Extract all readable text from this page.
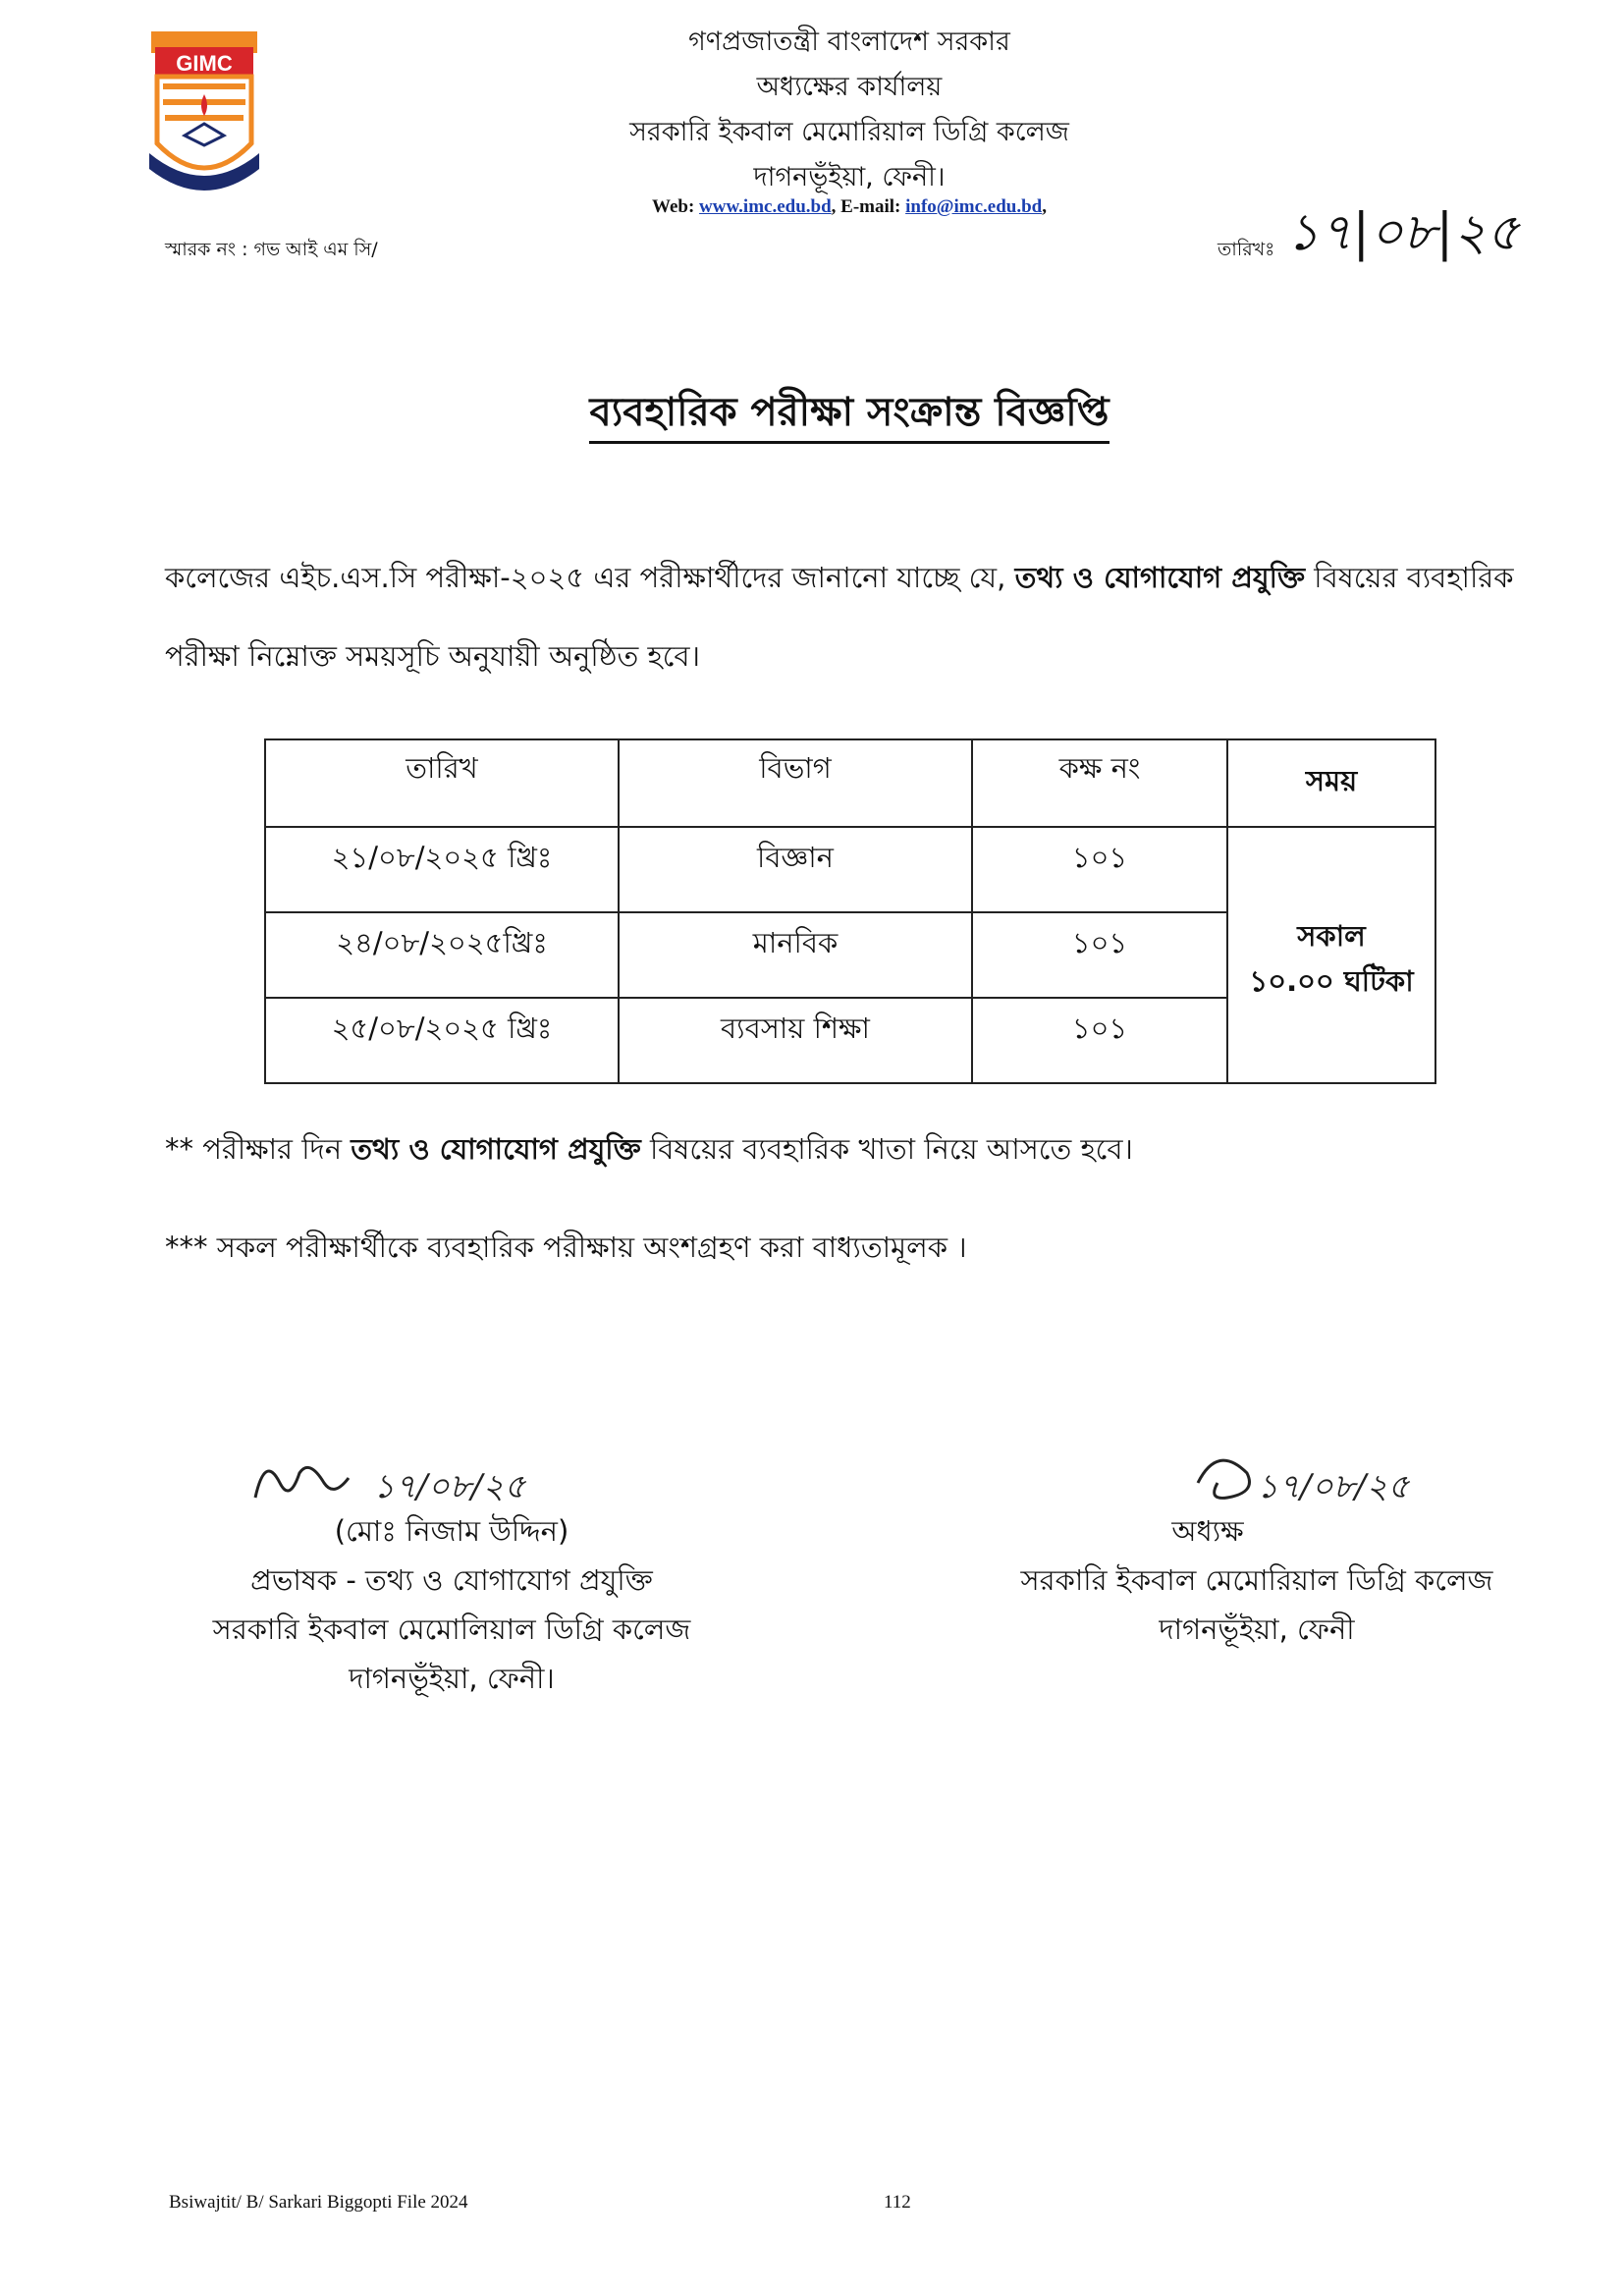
GIMC
গণপ্রজাতন্ত্রী বাংলাদেশ সরকার
অধ্যক্ষের কার্যালয়
সরকারি ইকবাল মেমোরিয়াল ডিগ্রি কলেজ
দাগনভূঁইয়া, ফেনী।
Web: www.imc.edu.bd, E-mail: info@imc.edu.bd,
স্মারক নং : গভ আই এম সি/	তারিখঃ ১৭|০৮|২৫
ব্যবহারিক পরীক্ষা সংক্রান্ত বিজ্ঞপ্তি
কলেজের এইচ.এস.সি পরীক্ষা-২০২৫ এর পরীক্ষার্থীদের জানানো যাচ্ছে যে, তথ্য ও যোগাযোগ প্রযুক্তি বিষয়ের ব্যবহারিক পরীক্ষা নিম্নোক্ত সময়সূচি অনুযায়ী অনুষ্ঠিত হবে।
তারিখ	বিভাগ	কক্ষ নং	সময়
২১/০৮/২০২৫ খ্রিঃ	বিজ্ঞান	১০১	সকাল
১০.০০ ঘটিকা

২৪/০৮/২০২৫খ্রিঃ	মানবিক	১০১	
২৫/০৮/২০২৫ খ্রিঃ	ব্যবসায় শিক্ষা	১০১	
** পরীক্ষার দিন তথ্য ও যোগাযোগ প্রযুক্তি বিষয়ের ব্যবহারিক খাতা নিয়ে আসতে হবে।
*** সকল পরীক্ষার্থীকে ব্যবহারিক পরীক্ষায় অংশগ্রহণ করা বাধ্যতামূলক ।
১৭/০৮/২৫
(মোঃ নিজাম উদ্দিন)
প্রভাষক - তথ্য ও যোগাযোগ প্রযুক্তি
সরকারি ইকবাল মেমোলিয়াল ডিগ্রি কলেজ
দাগনভূঁইয়া, ফেনী।
১৭/০৮/২৫
অধ্যক্ষ
সরকারি ইকবাল মেমোরিয়াল ডিগ্রি কলেজ
দাগনভূঁইয়া, ফেনী
Bsiwajtit/ B/ Sarkari Biggopti File 2024	112
